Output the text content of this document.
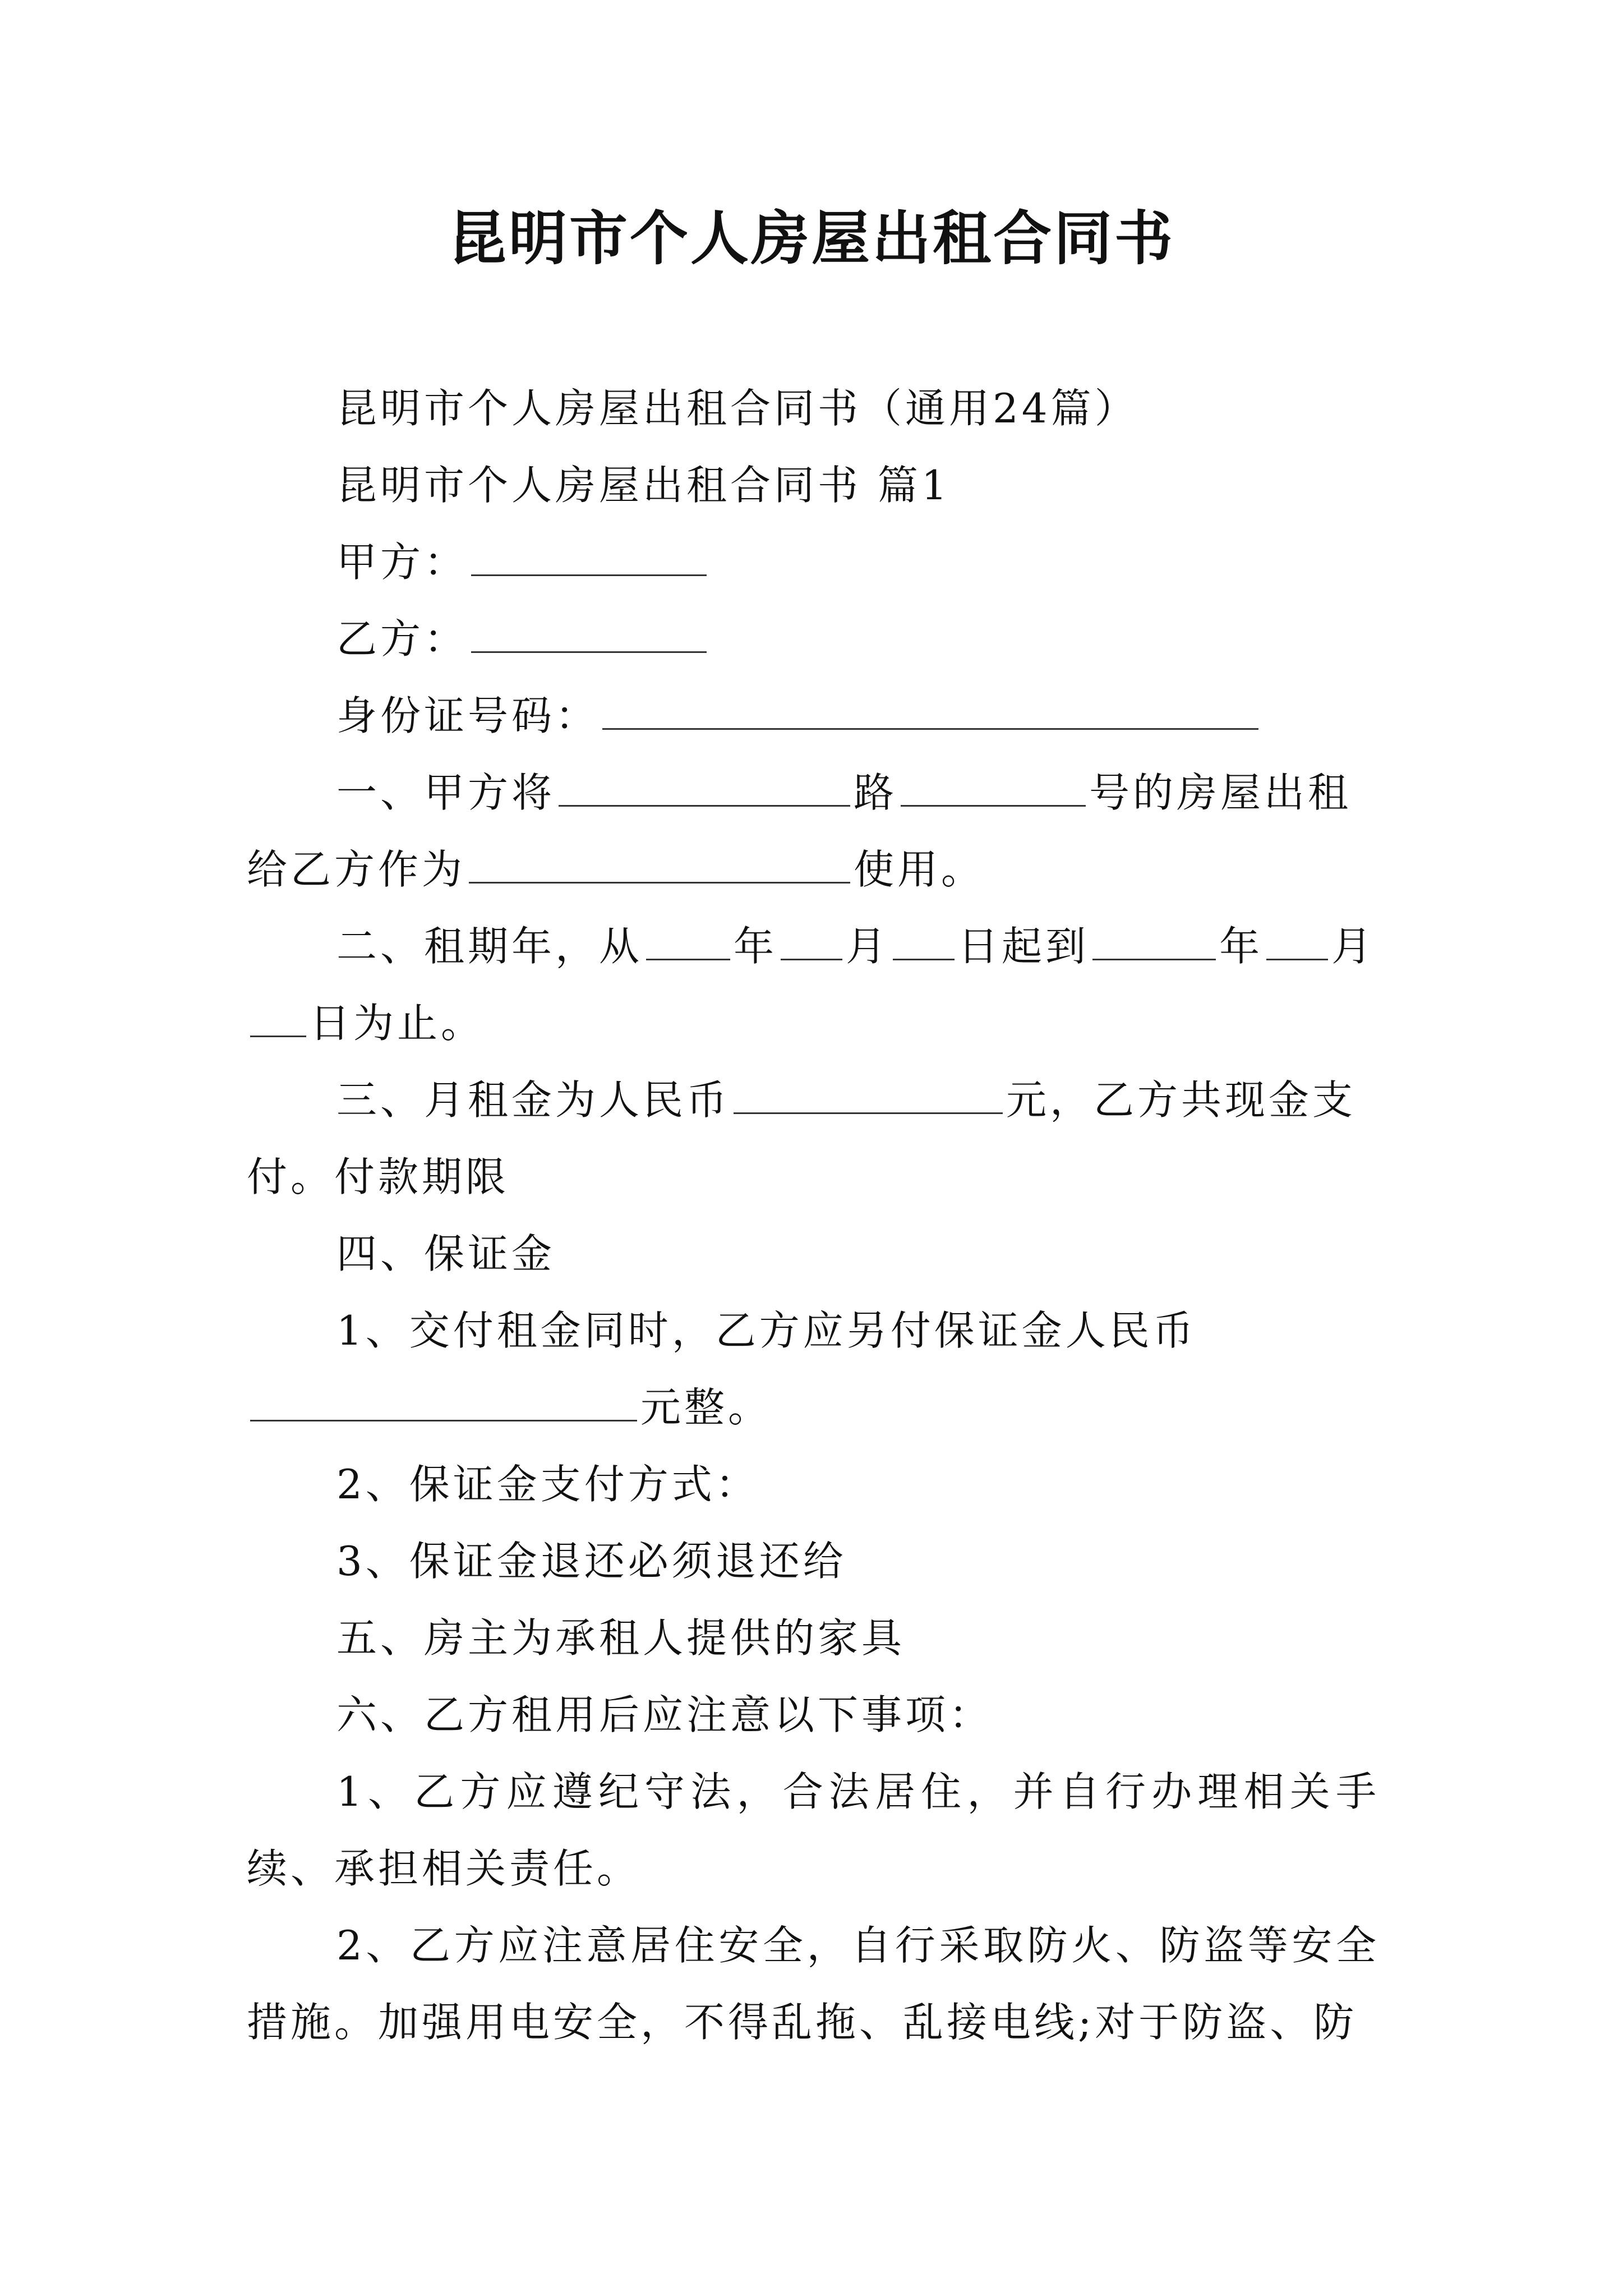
昆明市个人房屋出租合同书

昆明市个人房屋出租合同书（通用24篇）

昆明市个人房屋出租合同书 篇1

甲方：

乙方：

身份证号码：

一、甲方将	路	号的房屋出租给乙方作为	使用。

二、租期年，从 年 月 日起到	年 月日为止。

三、月租金为人民币	元，乙方共现金支付。付款期限

四、保证金

1、交付租金同时，乙方应另付保证金人民币元整。

2、保证金支付方式：

3、保证金退还必须退还给

五、房主为承租人提供的家具

六、乙方租用后应注意以下事项：

1、乙方应遵纪守法，合法居住，并自行办理相关手续、承担相关责任。

2、乙方应注意居住安全，自行采取防火、防盗等安全措施。加强用电安全，不得乱拖、乱接电线;对于防盗、防
